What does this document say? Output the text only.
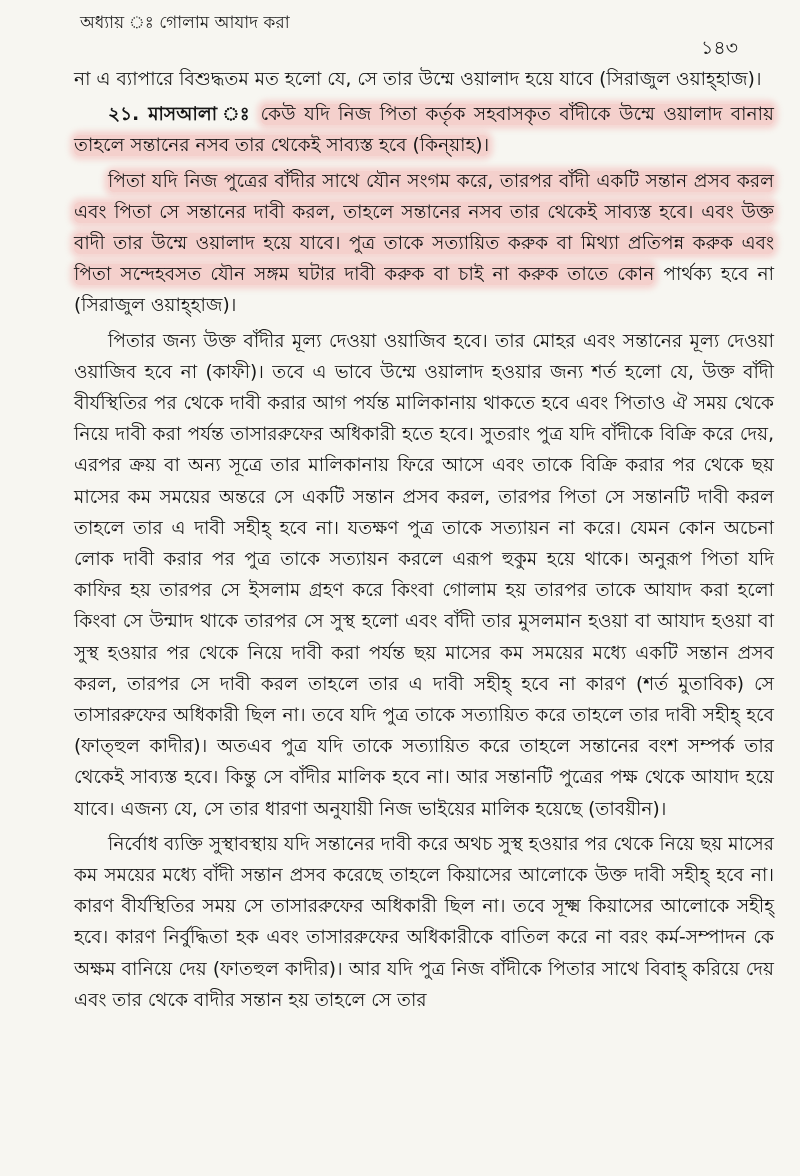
অধ্যায় ঃ গোলাম আযাদ করা
১৪৩

না এ ব্যাপারে বিশুদ্ধতম মত হলো যে, সে তার উম্মে ওয়ালাদ হয়ে যাবে (সিরাজুল ওয়াহ্‌হাজ)।

২১. মাসআলা ঃ কেউ যদি নিজ পিতা কর্তৃক সহবাসকৃত বাঁদীকে উম্মে ওয়ালাদ বানায় তাহলে সন্তানের নসব তার থেকেই সাব্যস্ত হবে (কিন্‌য়াহ)।

পিতা যদি নিজ পুত্রের বাঁদীর সাথে যৌন সংগম করে, তারপর বাঁদী একটি সন্তান প্রসব করল এবং পিতা সে সন্তানের দাবী করল, তাহলে সন্তানের নসব তার থেকেই সাব্যস্ত হবে। এবং উক্ত বাদী তার উম্মে ওয়ালাদ হয়ে যাবে। পুত্র তাকে সত্যায়িত করুক বা মিথ্যা প্রতিপন্ন করুক এবং পিতা সন্দেহবসত যৌন সঙ্গম ঘটার দাবী করুক বা চাই না করুক তাতে কোন পার্থক্য হবে না (সিরাজুল ওয়াহ্‌হাজ)।

পিতার জন্য উক্ত বাঁদীর মূল্য দেওয়া ওয়াজিব হবে। তার মোহর এবং সন্তানের মূল্য দেওয়া ওয়াজিব হবে না (কাফী)। তবে এ ভাবে উম্মে ওয়ালাদ হওয়ার জন্য শর্ত হলো যে, উক্ত বাঁদী বীর্যস্থিতির পর থেকে দাবী করার আগ পর্যন্ত মালিকানায় থাকতে হবে এবং পিতাও ঐ সময় থেকে নিয়ে দাবী করা পর্যন্ত তাসাররুফের অধিকারী হতে হবে। সুতরাং পুত্র যদি বাঁদীকে বিক্রি করে দেয়, এরপর ক্রয় বা অন্য সূত্রে তার মালিকানায় ফিরে আসে এবং তাকে বিক্রি করার পর থেকে ছয় মাসের কম সময়ের অন্তরে সে একটি সন্তান প্রসব করল, তারপর পিতা সে সন্তানটি দাবী করল তাহলে তার এ দাবী সহীহ্ হবে না। যতক্ষণ পুত্র তাকে সত্যায়ন না করে। যেমন কোন অচেনা লোক দাবী করার পর পুত্র তাকে সত্যায়ন করলে এরূপ হুকুম হয়ে থাকে। অনুরূপ পিতা যদি কাফির হয় তারপর সে ইসলাম গ্রহণ করে কিংবা গোলাম হয় তারপর তাকে আযাদ করা হলো কিংবা সে উন্মাদ থাকে তারপর সে সুস্থ হলো এবং বাঁদী তার মুসলমান হওয়া বা আযাদ হওয়া বা সুস্থ হওয়ার পর থেকে নিয়ে দাবী করা পর্যন্ত ছয় মাসের কম সময়ের মধ্যে একটি সন্তান প্রসব করল, তারপর সে দাবী করল তাহলে তার এ দাবী সহীহ্ হবে না কারণ (শর্ত মুতাবিক) সে তাসাররুফের অধিকারী ছিল না। তবে যদি পুত্র তাকে সত্যায়িত করে তাহলে তার দাবী সহীহ্ হবে (ফাত্‌হুল কাদীর)। অতএব পুত্র যদি তাকে সত্যায়িত করে তাহলে সন্তানের বংশ সম্পর্ক তার থেকেই সাব্যস্ত হবে। কিন্তু সে বাঁদীর মালিক হবে না। আর সন্তানটি পুত্রের পক্ষ থেকে আযাদ হয়ে যাবে। এজন্য যে, সে তার ধারণা অনুযায়ী নিজ ভাইয়ের মালিক হয়েছে (তাবয়ীন)।

নির্বোধ ব্যক্তি সুস্থাবস্থায় যদি সন্তানের দাবী করে অথচ সুস্থ হওয়ার পর থেকে নিয়ে ছয় মাসের কম সময়ের মধ্যে বাঁদী সন্তান প্রসব করেছে তাহলে কিয়াসের আলোকে উক্ত দাবী সহীহ্ হবে না। কারণ বীর্যস্থিতির সময় সে তাসাররুফের অধিকারী ছিল না। তবে সূক্ষ্ম কিয়াসের আলোকে সহীহ্ হবে। কারণ নির্বুদ্ধিতা হক এবং তাসাররুফের অধিকারীকে বাতিল করে না বরং কর্ম-সম্পাদন কে অক্ষম বানিয়ে দেয় (ফাতহুল কাদীর)। আর যদি পুত্র নিজ বাঁদীকে পিতার সাথে বিবাহ্ করিয়ে দেয় এবং তার থেকে বাদীর সন্তান হয় তাহলে সে তার
